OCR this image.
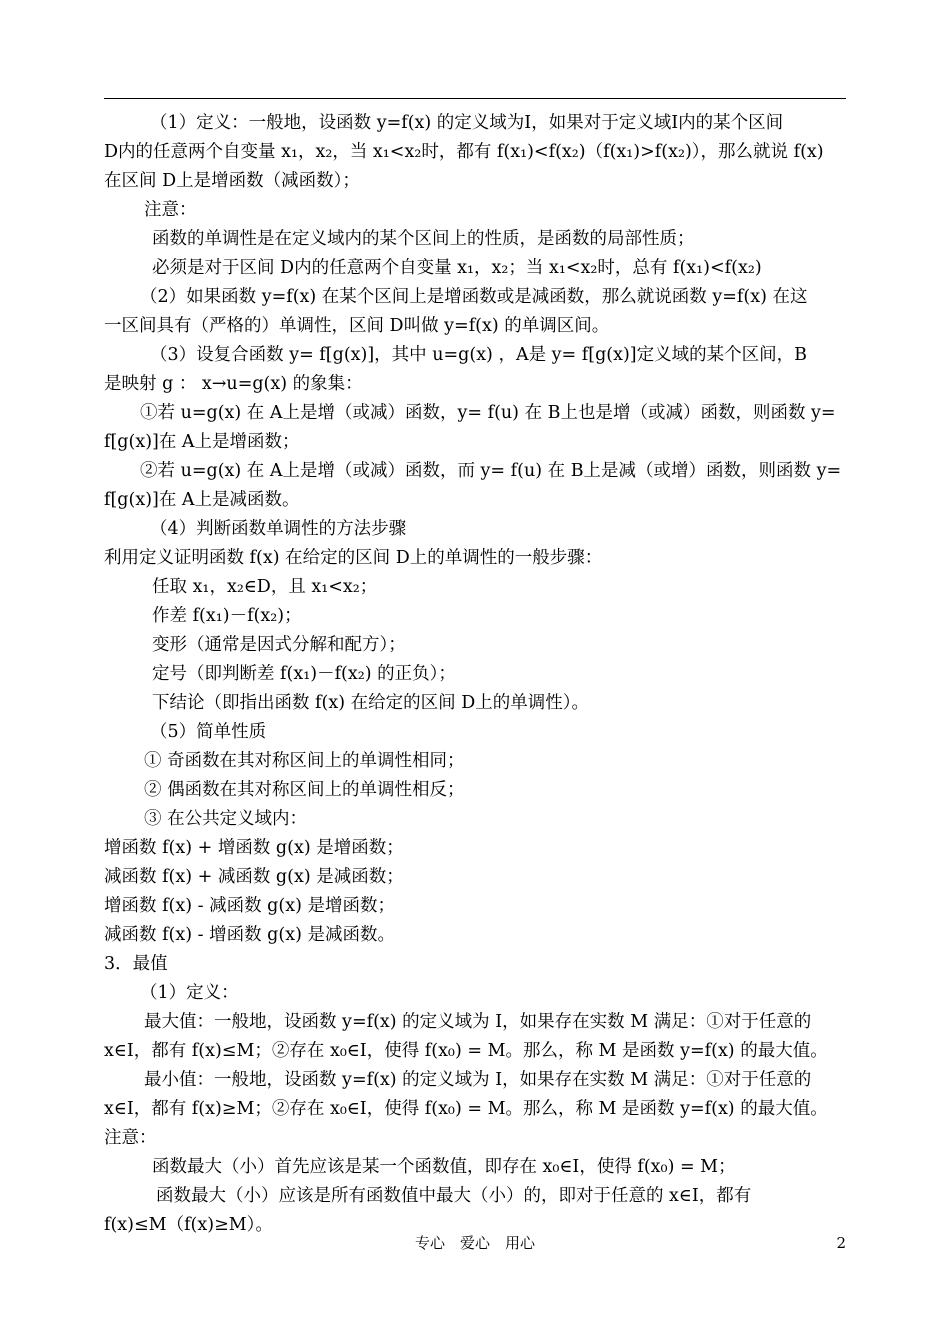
（1）定义：一般地，设函数 y=f(x) 的定义域为Ⅰ，如果对于定义域Ⅰ内的某个区间
D内的任意两个自变量 x₁，x₂，当 x₁<x₂时，都有 f(x₁)<f(x₂)（f(x₁)>f(x₂)），那么就说 f(x)
在区间 D上是增函数（减函数）；
注意：
函数的单调性是在定义域内的某个区间上的性质，是函数的局部性质；
必须是对于区间 D内的任意两个自变量 x₁，x₂；当 x₁<x₂时，总有 f(x₁)<f(x₂)
（2）如果函数 y=f(x) 在某个区间上是增函数或是减函数，那么就说函数 y=f(x) 在这
一区间具有（严格的）单调性，区间 D叫做 y=f(x) 的单调区间。
（3）设复合函数 y= f[g(x)]，其中 u=g(x) ，A是 y= f[g(x)]定义域的某个区间，B
是映射 g ： x→u=g(x) 的象集：
①若 u=g(x) 在 A上是增（或减）函数，y= f(u) 在 B上也是增（或减）函数，则函数 y=
f[g(x)]在 A上是增函数；
②若 u=g(x) 在 A上是增（或减）函数，而 y= f(u) 在 B上是减（或增）函数，则函数 y=
f[g(x)]在 A上是减函数。
（4）判断函数单调性的方法步骤
利用定义证明函数 f(x) 在给定的区间 D上的单调性的一般步骤：
任取 x₁，x₂∈D，且 x₁<x₂；
作差 f(x₁)－f(x₂)；
变形（通常是因式分解和配方）；
定号（即判断差 f(x₁)－f(x₂) 的正负）；
下结论（即指出函数 f(x) 在给定的区间 D上的单调性）。
（5）简单性质
① 奇函数在其对称区间上的单调性相同；
② 偶函数在其对称区间上的单调性相反；
③ 在公共定义域内：
增函数 f(x) + 增函数 g(x) 是增函数；
减函数 f(x) + 减函数 g(x) 是减函数；
增函数 f(x) - 减函数 g(x) 是增函数；
减函数 f(x) - 增函数 g(x) 是减函数。
3．最值
（1）定义：
最大值：一般地，设函数 y=f(x) 的定义域为 I，如果存在实数 M 满足：①对于任意的
x∈I，都有 f(x)≤M；②存在 x₀∈I，使得 f(x₀) = M。那么，称 M 是函数 y=f(x) 的最大值。
最小值：一般地，设函数 y=f(x) 的定义域为 I，如果存在实数 M 满足：①对于任意的
x∈I，都有 f(x)≥M；②存在 x₀∈I，使得 f(x₀) = M。那么，称 M 是函数 y=f(x) 的最大值。
注意：
函数最大（小）首先应该是某一个函数值，即存在 x₀∈I，使得 f(x₀) = M；
函数最大（小）应该是所有函数值中最大（小）的，即对于任意的 x∈I，都有
f(x)≤M（f(x)≥M）。
专心　爱心　用心	2
